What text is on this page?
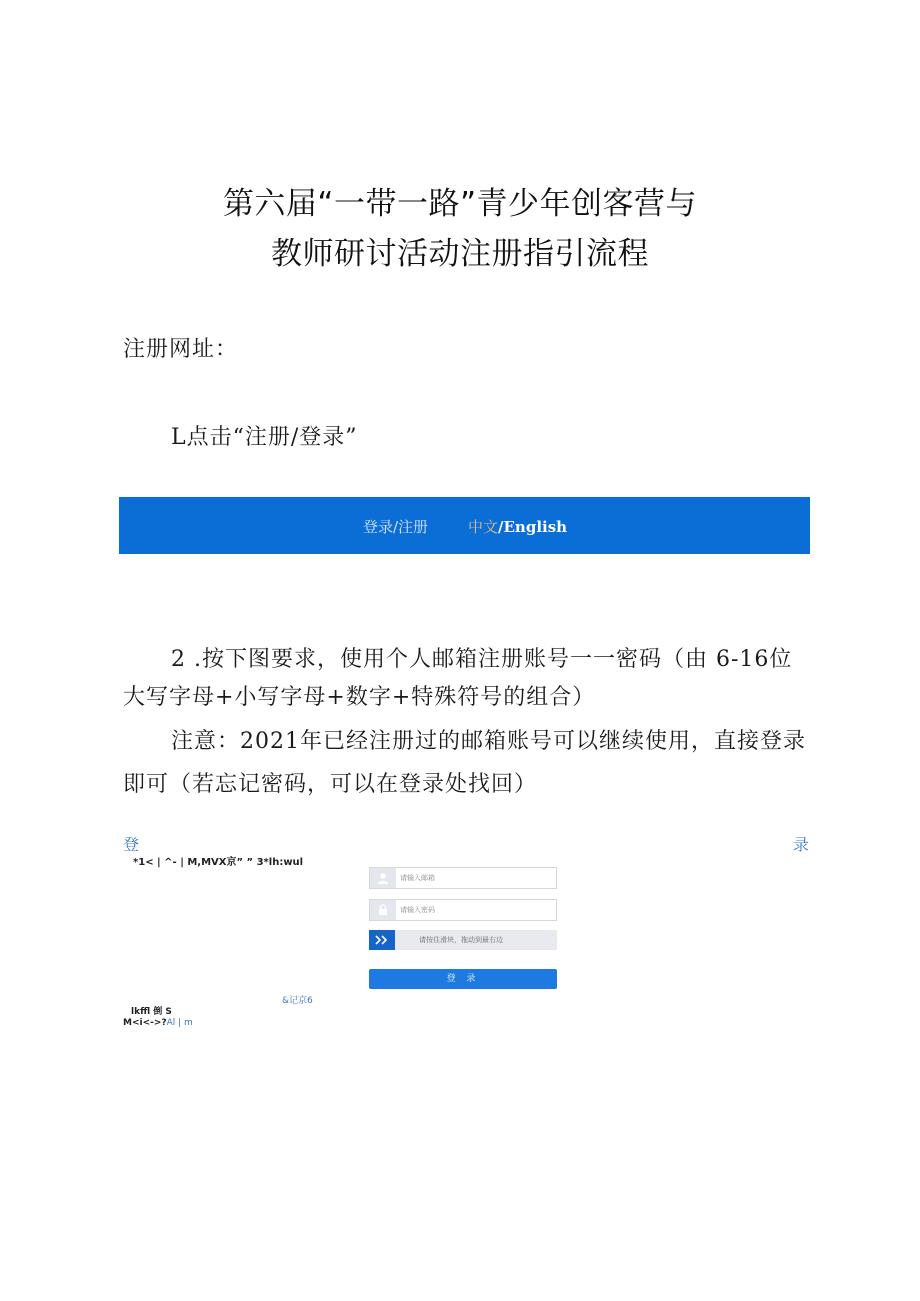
第六届“一带一路”青少年创客营与
教师研讨活动注册指引流程
注册网址：
L点击“注册/登录”
登录/注册	中文/English
2 .按下图要求，使用个人邮箱注册账号一一密码（由 6-16位
大写字母+小写字母+数字+特殊符号的组合）
注意：2021年已经注册过的邮箱账号可以继续使用，直接登录
即可（若忘记密码，可以在登录处找回）
登	录
*1< | ^- | M,MVX京” ” 3*lh:wul
请输入邮箱
请按住滑块，拖动到最右边
登 录
&记京6
lkffl 倒 S
M<i<->?Al | m
